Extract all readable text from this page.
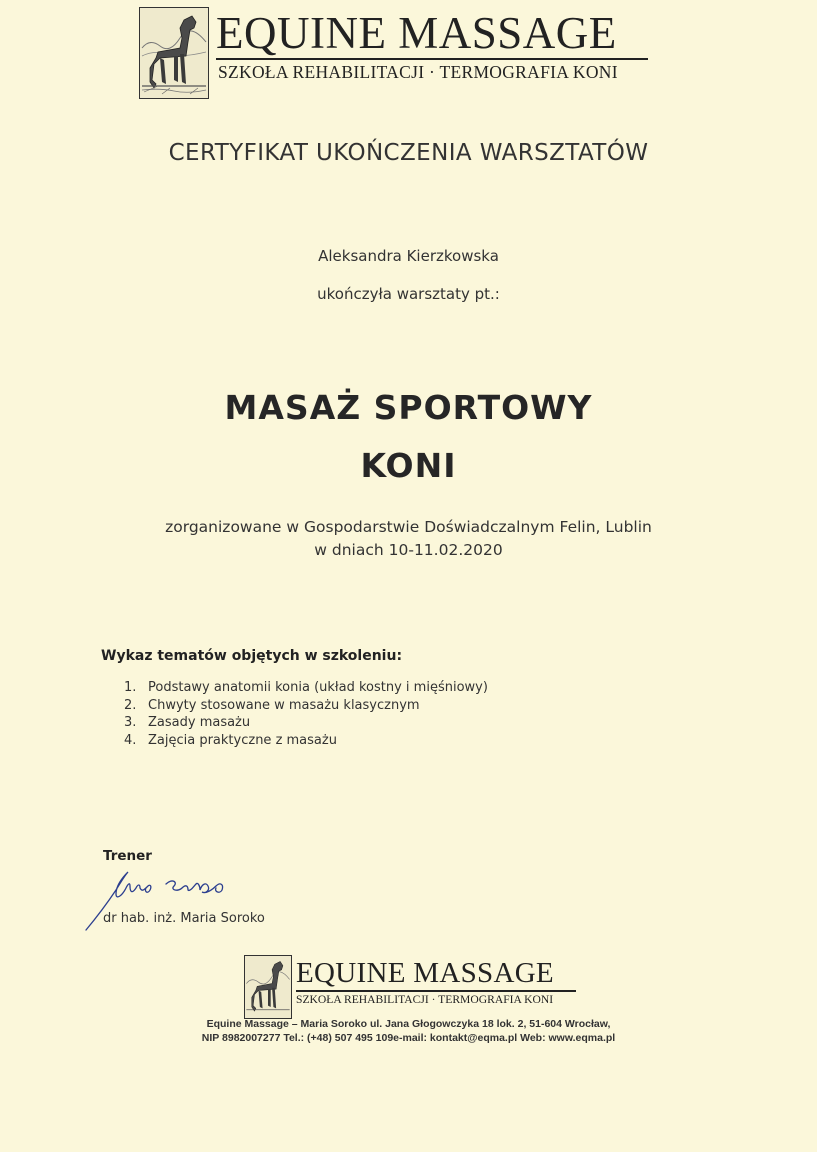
EQUINE MASSAGE
SZKOŁA REHABILITACJI · TERMOGRAFIA KONI
CERTYFIKAT UKOŃCZENIA WARSZTATÓW
Aleksandra Kierzkowska
ukończyła warsztaty pt.:
MASAŻ SPORTOWY
KONI
zorganizowane w Gospodarstwie Doświadczalnym Felin, Lublin
w dniach 10-11.02.2020
Wykaz tematów objętych w szkoleniu:
1. Podstawy anatomii konia (układ kostny i mięśniowy)
2. Chwyty stosowane w masażu klasycznym
3. Zasady masażu
4. Zajęcia praktyczne z masażu
Trener
dr hab. inż. Maria Soroko
EQUINE MASSAGE
SZKOŁA REHABILITACJI · TERMOGRAFIA KONI
Equine Massage – Maria Soroko ul. Jana Głogowczyka 18 lok. 2, 51-604 Wrocław,
NIP 8982007277 Tel.: (+48) 507 495 109e-mail: kontakt@eqma.pl Web: www.eqma.pl
